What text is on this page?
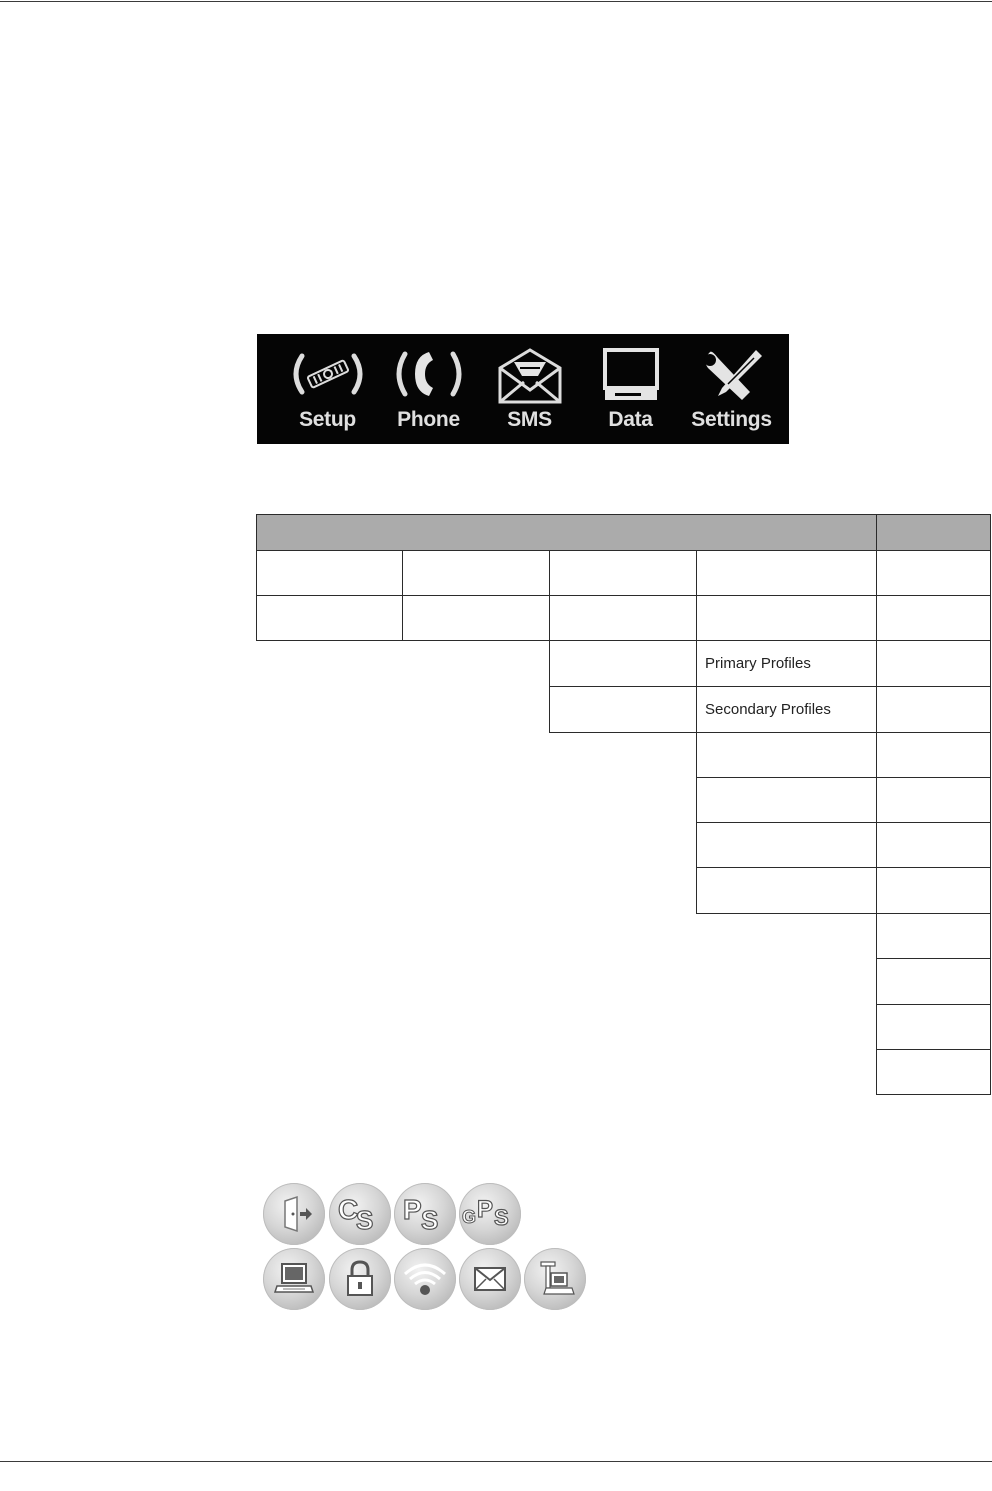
Setup	Phone	SMS	Data	Settings
Primary Profiles
Secondary Profiles
C
S P S G P S
